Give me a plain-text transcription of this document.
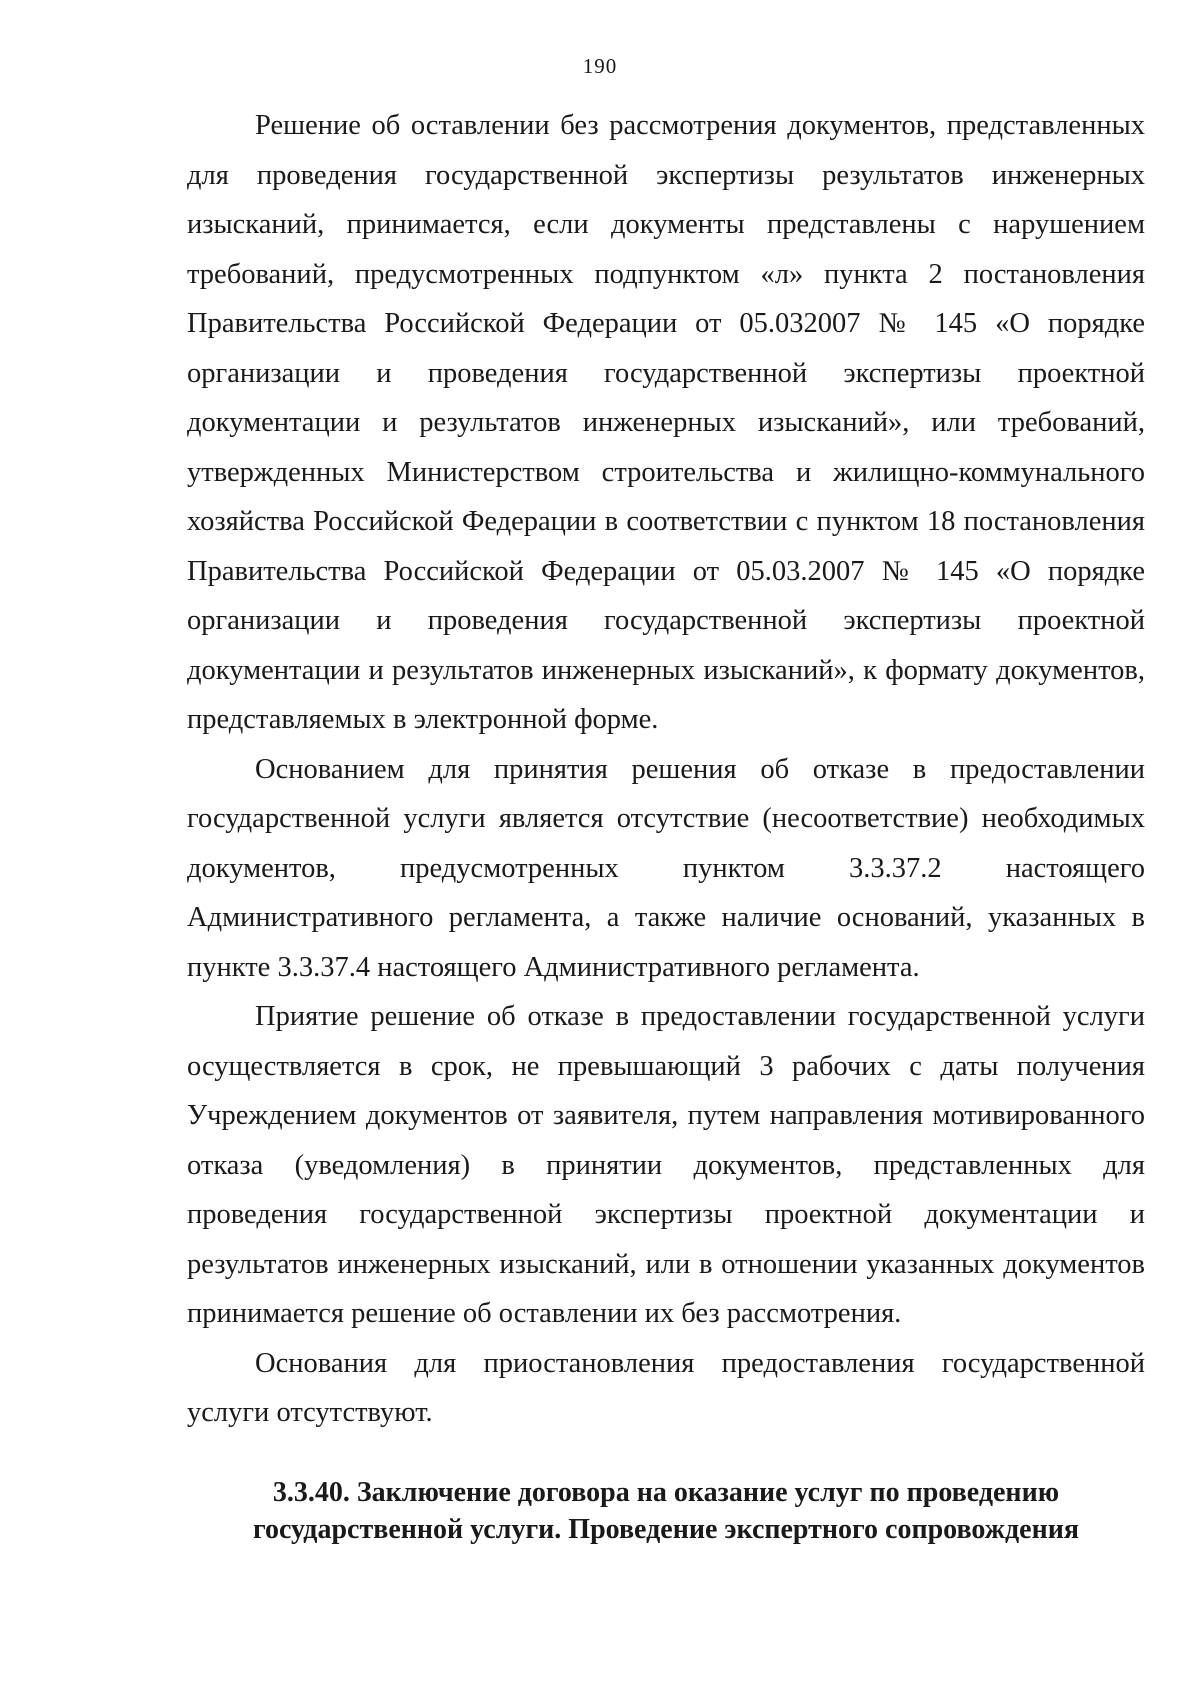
190

Решение об оставлении без рассмотрения документов, представленных для проведения государственной экспертизы результатов инженерных изысканий, принимается, если документы представлены с нарушением требований, предусмотренных подпунктом «л» пункта 2 постановления Правительства Российской Федерации от 05.032007 № 145 «О порядке организации и проведения государственной экспертизы проектной документации и результатов инженерных изысканий», или требований, утвержденных Министерством строительства и жилищно-коммунального хозяйства Российской Федерации в соответствии с пунктом 18 постановления Правительства Российской Федерации от 05.03.2007 № 145 «О порядке организации и проведения государственной экспертизы проектной документации и результатов инженерных изысканий», к формату документов, представляемых в электронной форме.

Основанием для принятия решения об отказе в предоставлении государственной услуги является отсутствие (несоответствие) необходимых документов, предусмотренных пунктом 3.3.37.2 настоящего Административного регламента, а также наличие оснований, указанных в пункте 3.3.37.4 настоящего Административного регламента.

Приятие решение об отказе в предоставлении государственной услуги осуществляется в срок, не превышающий 3 рабочих с даты получения Учреждением документов от заявителя, путем направления мотивированного отказа (уведомления) в принятии документов, представленных для проведения государственной экспертизы проектной документации и результатов инженерных изысканий, или в отношении указанных документов принимается решение об оставлении их без рассмотрения.

Основания для приостановления предоставления государственной услуги отсутствуют.

3.3.40. Заключение договора на оказание услуг по проведению
государственной услуги. Проведение экспертного сопровождения
